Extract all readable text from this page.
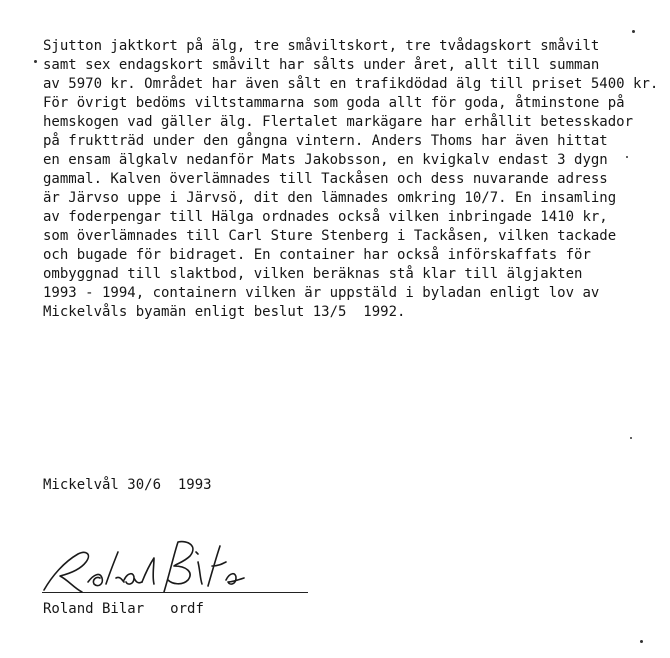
Sjutton jaktkort på älg, tre småviltskort, tre tvådagskort småvilt
samt sex endagskort småvilt har sålts under året, allt till summan
av 5970 kr. Området har även sålt en trafikdödad älg till priset 5400 kr.
För övrigt bedöms viltstammarna som goda allt för goda, åtminstone på
hemskogen vad gäller älg. Flertalet markägare har erhållit betesskador
på fruktträd under den gångna vintern. Anders Thoms har även hittat
en ensam älgkalv nedanför Mats Jakobsson, en kvigkalv endast 3 dygn
gammal. Kalven överlämnades till Tackåsen och dess nuvarande adress
är Järvso uppe i Järvsö, dit den lämnades omkring 10/7. En insamling
av foderpengar till Hälga ordnades också vilken inbringade 1410 kr,
som överlämnades till Carl Sture Stenberg i Tackåsen, vilken tackade
och bugade för bidraget. En container har också införskaffats för
ombyggnad till slaktbod, vilken beräknas stå klar till älgjakten
1993 - 1994, containern vilken är uppstäld i byladan enligt lov av
Mickelvåls byamän enligt beslut 13/5  1992.
Mickelvål 30/6  1993
Roland Bilar ordf
